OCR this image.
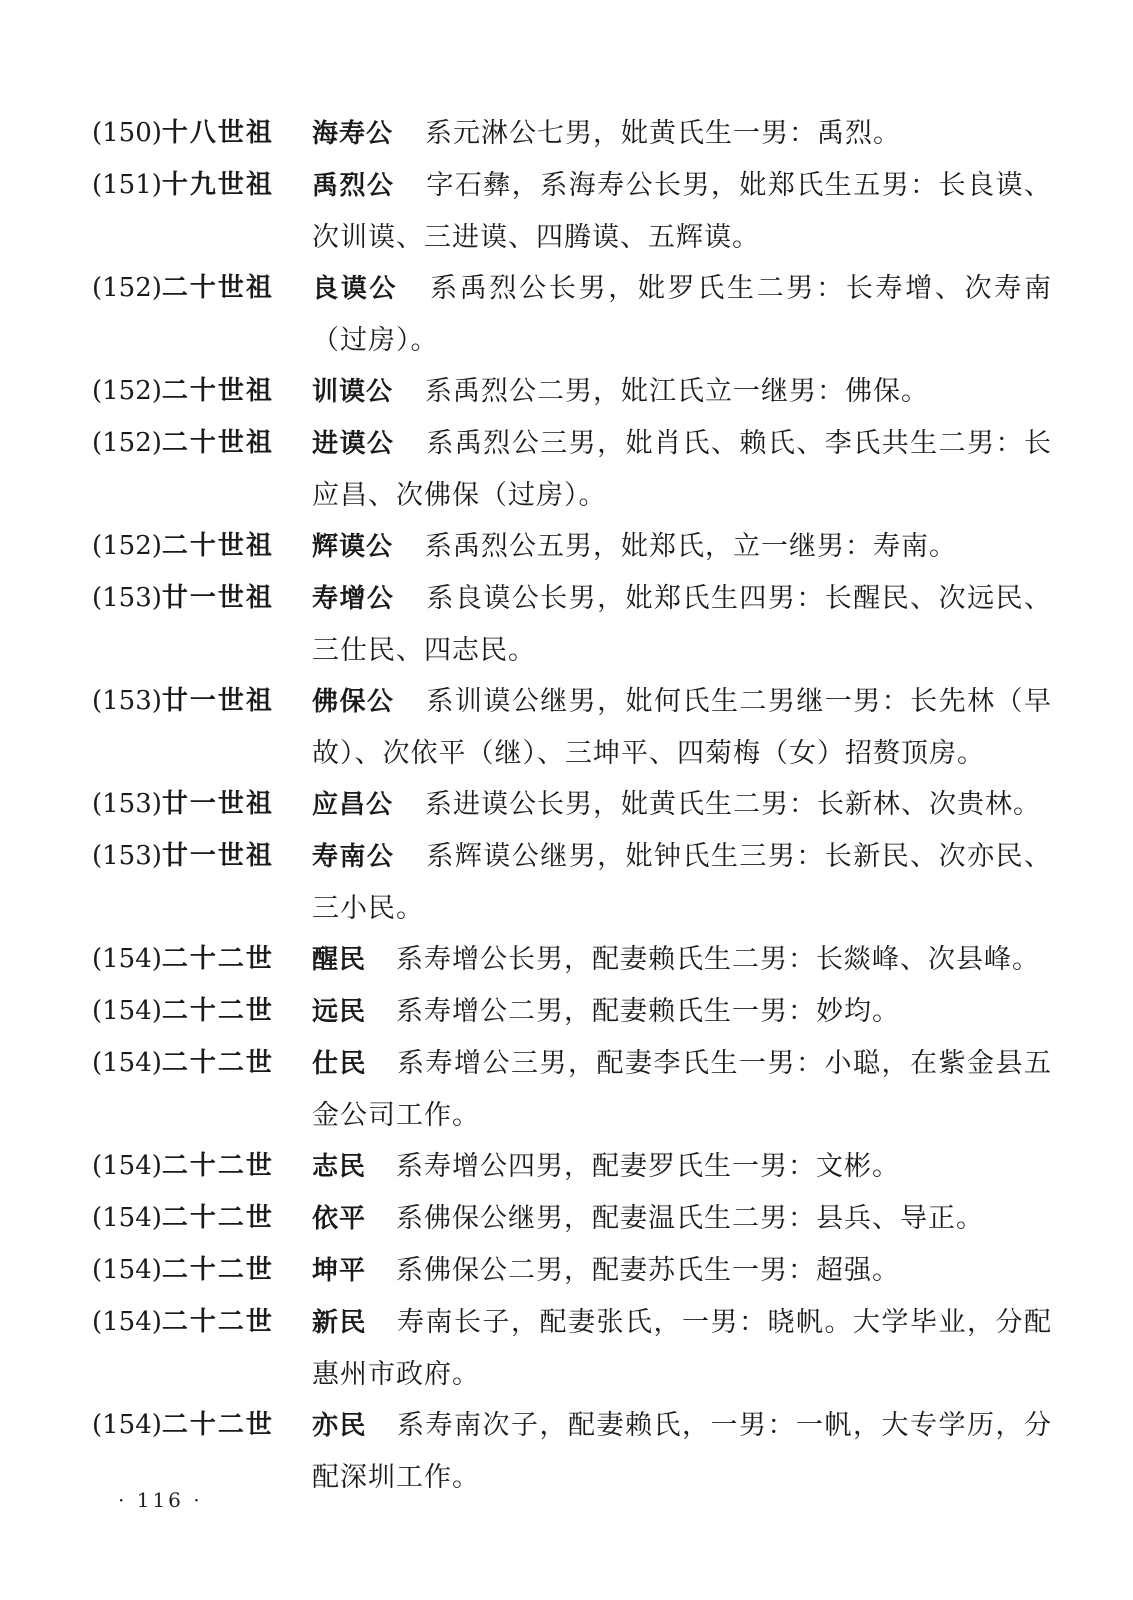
(150)十八世祖	海寿公 系元淋公七男，妣黄氏生一男：禹烈。
(151)十九世祖	禹烈公 字石彝，系海寿公长男，妣郑氏生五男：长良谟、次训谟、三进谟、四腾谟、五辉谟。
(152)二十世祖	良谟公 系禹烈公长男，妣罗氏生二男：长寿增、次寿南（过房）。
(152)二十世祖	训谟公 系禹烈公二男，妣江氏立一继男：佛保。
(152)二十世祖	进谟公 系禹烈公三男，妣肖氏、赖氏、李氏共生二男：长应昌、次佛保（过房）。
(152)二十世祖	辉谟公 系禹烈公五男，妣郑氏，立一继男：寿南。
(153)廿一世祖	寿增公 系良谟公长男，妣郑氏生四男：长醒民、次远民、三仕民、四志民。
(153)廿一世祖	佛保公 系训谟公继男，妣何氏生二男继一男：长先林（早故）、次依平（继）、三坤平、四菊梅（女）招赘顶房。
(153)廿一世祖	应昌公 系进谟公长男，妣黄氏生二男：长新林、次贵林。
(153)廿一世祖	寿南公 系辉谟公继男，妣钟氏生三男：长新民、次亦民、三小民。
(154)二十二世	醒民 系寿增公长男，配妻赖氏生二男：长燚峰、次县峰。
(154)二十二世	远民 系寿增公二男，配妻赖氏生一男：妙均。
(154)二十二世	仕民 系寿增公三男，配妻李氏生一男：小聪，在紫金县五金公司工作。
(154)二十二世	志民 系寿增公四男，配妻罗氏生一男：文彬。
(154)二十二世	依平 系佛保公继男，配妻温氏生二男：县兵、导正。
(154)二十二世	坤平 系佛保公二男，配妻苏氏生一男：超强。
(154)二十二世	新民 寿南长子，配妻张氏，一男：晓帆。大学毕业，分配惠州市政府。
(154)二十二世	亦民 系寿南次子，配妻赖氏，一男：一帆，大专学历，分配深圳工作。
· 116 ·
